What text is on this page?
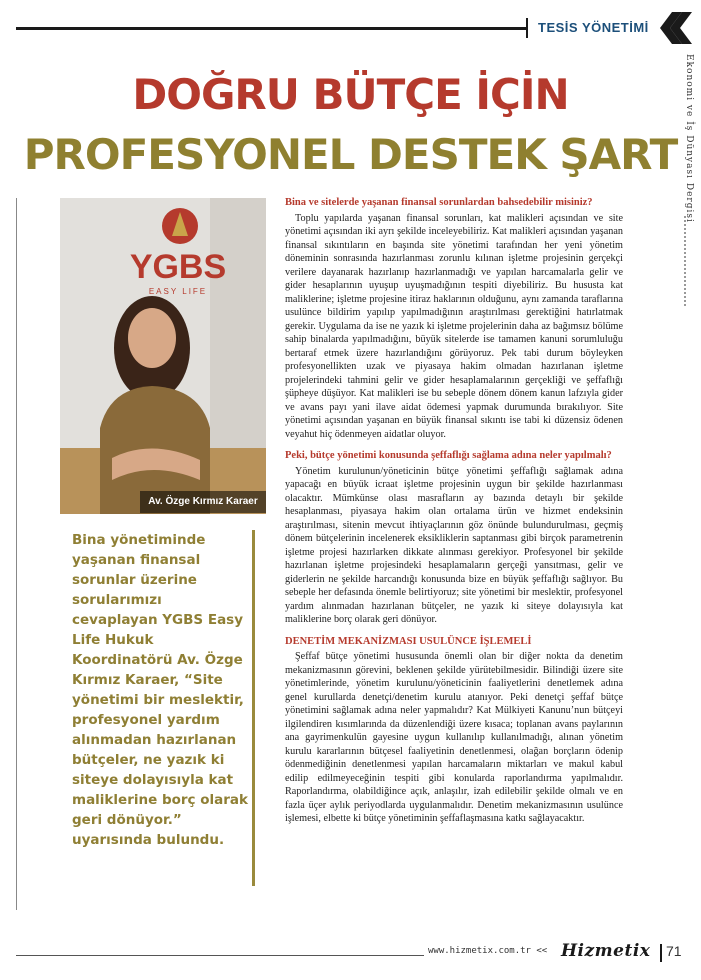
TESİS YÖNETİMİ
Ekonomi ve İş Dünyası Dergisi
DOĞRU BÜTÇE İÇİN
PROFESYONEL DESTEK ŞART
YGBS
EASY LIFE
Av. Özge Kırmız Karaer
Bina yönetiminde yaşanan finansal sorunlar üzerine sorularımızı cevaplayan YGBS Easy Life Hukuk Koordinatörü Av. Özge Kırmız Karaer, “Site yönetimi bir meslektir, profesyonel yardım alınmadan hazırlanan bütçeler, ne yazık ki siteye dolayısıyla kat maliklerine borç olarak geri dönüyor.” uyarısında bulundu.
Bina ve sitelerde yaşanan finansal sorunlardan bahsedebilir misiniz?

Toplu yapılarda yaşanan finansal sorunları, kat malikleri açısından ve site yönetimi açısından iki ayrı şekilde inceleyebiliriz. Kat malikleri açısından yaşanan finansal sıkıntıların en başında site yönetimi tarafından her yeni yönetim döneminin sonrasında hazırlanması zorunlu kılınan işletme projesinin gerçekçi verilere dayanarak hazırlanıp hazırlanmadığı ve yapılan harcamalarla gelir ve gider hesaplarının uyuşup uyuşmadığının tespiti diyebiliriz. Bu hususta kat maliklerine; işletme projesine itiraz haklarının olduğunu, aynı zamanda taraflarına usulünce bildirim yapılıp yapılmadığının araştırılması gerektiğini hatırlatmak gerekir. Uygulama da ise ne yazık ki işletme projelerinin daha az bağımsız bölüme sahip binalarda yapılmadığını, büyük sitelerde ise tamamen kanuni sorumluluğu bertaraf etmek üzere hazırlandığını görüyoruz. Pek tabi durum böyleyken profesyonellikten uzak ve piyasaya hakim olmadan hazırlanan işletme projelerindeki tahmini gelir ve gider hesaplamalarının gerçekliği ve şeffaflığı şüpheye düşüyor. Kat malikleri ise bu sebeple dönem dönem kanun lafzıyla gider ve avans payı yani ilave aidat ödemesi yapmak durumunda bırakılıyor. Site yönetimi açısından yaşanan en büyük finansal sıkıntı ise tabi ki düzensiz ödenen veyahut hiç ödenmeyen aidatlar oluyor.

Peki, bütçe yönetimi konusunda şeffaflığı sağlama adına neler yapılmalı?

Yönetim kurulunun/yöneticinin bütçe yönetimi şeffaflığı sağlamak adına yapacağı en büyük icraat işletme projesinin uygun bir şekilde hazırlanması olacaktır. Mümkünse olası masrafların ay bazında detaylı bir şekilde hesaplanması, piyasaya hakim olan ortalama ürün ve hizmet endeksinin araştırılması, sitenin mevcut ihtiyaçlarının göz önünde bulundurulması, geçmiş dönem bütçelerinin incelenerek eksikliklerin saptanması gibi birçok parametrenin işletme projesi hazırlarken dikkate alınması gerekiyor. Profesyonel bir şekilde hazırlanan işletme projesindeki hesaplamaların gerçeği yansıtması, gelir ve giderlerin ne şekilde harcandığı konusunda bize en büyük şeffaflığı sağlıyor. Bu sebeple her defasında önemle belirtiyoruz; site yönetimi bir meslektir, profesyonel yardım alınmadan hazırlanan bütçeler, ne yazık ki siteye dolayısıyla kat maliklerine borç olarak geri dönüyor.

DENETİM MEKANİZMASI USULÜNCE İŞLEMELİ

Şeffaf bütçe yönetimi hususunda önemli olan bir diğer nokta da denetim mekanizmasının görevini, beklenen şekilde yürütebilmesidir. Bilindiği üzere site yönetimlerinde, yönetim kurulunu/yöneticinin faaliyetlerini denetlemek adına genel kurullarda denetçi/denetim kurulu atanıyor. Peki denetçi şeffaf bütçe yönetimini sağlamak adına neler yapmalıdır? Kat Mülkiyeti Kanunu’nun bütçeyi ilgilendiren kısımlarında da düzenlendiği üzere kısaca; toplanan avans paylarının ana gayrimenkulün gayesine uygun kullanılıp kullanılmadığı, alınan yönetim kurulu kararlarının bütçesel faaliyetinin denetlenmesi, olağan borçların ödenip ödenmediğinin denetlenmesi yapılan harcamaların miktarları ve makul kabul edilip edilmeyeceğinin tespiti gibi konularda raporlandırma yapılmalıdır. Raporlandırma, olabildiğince açık, anlaşılır, izah edilebilir şekilde olmalı ve en fazla üçer aylık periyodlarda uygulanmalıdır. Denetim mekanizmasının usulünce işlemesi, elbette ki bütçe yönetiminin şeffaflaşmasına katkı sağlayacaktır.

www.hizmetix.com.tr << Hizmetix 71
